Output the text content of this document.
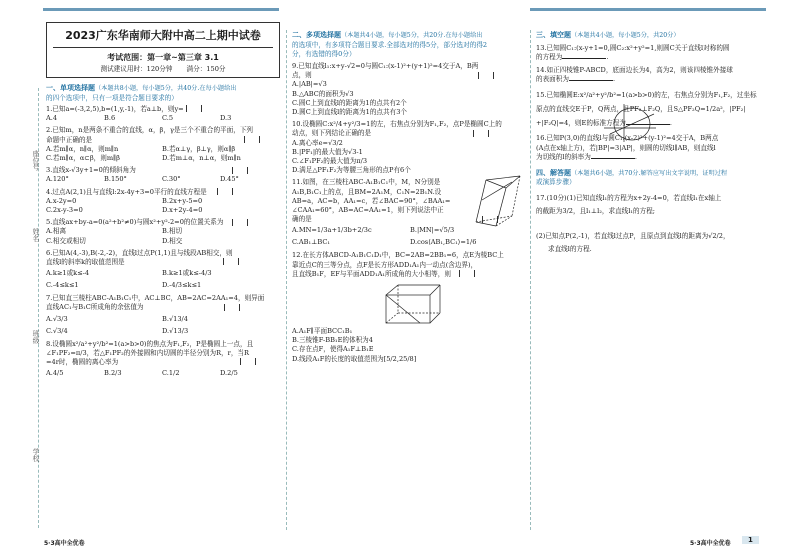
座位号
姓名
班级
学校
2023广东华南师大附中高二上期中试卷
考试范围：第一章~第三章 3.1
测试建议用时：120分钟 满分：150分
一、单项选择题（本题共8小题，每小题5分，共40分.在每小题给出
的四个选项中，只有一项是符合题目要求的）
1.已知a=(-3,2,5),b=(1,y,-1)，若a⊥b，则y=
A.4	B.6	C.5	D.3
2.已知m，n是两条不重合的直线，α，β，γ是三个不重合的平面，下列
命题中正确的是
A.若m∥α，n∥α，则m∥n	B.若α⊥γ，β⊥γ，则α∥β
C.若m∥α，α⊂β，则m∥β	D.若m⊥α，n⊥α，则m∥n
3.直线x-√3y+1=0的倾斜角为
A.120°	B.150°	C.30°	D.45°
4.过点A(2,1)且与直线l:2x-4y+3=0平行的直线方程是
A.x-2y=0	B.2x+y-5=0
C.2x-y-3=0	D.x+2y-4=0
5.直线ax+by-a=0(a²+b²≠0)与圆x²+y²-2=0的位置关系为
A.相离	B.相切
C.相交或相切	D.相交
6.已知A(4,-3),B(-2,-2)，直线l过点P(1,1)且与线段AB相交，则
直线l的斜率k的取值范围是
A.k≥1或k≤-4	B.k≥1或k≤-4/3
C.-4≤k≤1	D.-4/3≤k≤1
7.已知直三棱柱ABC-A₁B₁C₁中，AC⊥BC，AB=2AC=2AA₁=4，则异面
直线AC₁与B₁C所成角的余弦值为
A.√3/3	B.√13/4
C.√3/4	D.√13/3
8.设椭圆x²/a²+y²/b²=1(a>b>0)的焦点为F₁,F₂，P是椭圆上一点，且
∠F₁PF₂=π/3，若△F₁PF₂的外接圆和内切圆的半径分别为R，r，当R
=4r时，椭圆的离心率为
A.4/5	B.2/3	C.1/2	D.2/5
二、多项选择题（本题共4小题，每小题5分，共20分.在每小题给出
的选项中，有多项符合题目要求.全部选对的得5分，部分选对的得2
分，有选错的得0分）
9.已知直线l₁:x+y-√2=0与圆C₁:(x-1)²+(y+1)²=4交于A，B两
点，则
A.|AB|=√3
B.△ABC的面积为√3
C.圆C上到直线l的距离为1的点共有2个
D.圆C上到直线l的距离为1的点共有3个
10.设椭圆C:x²/4+y²/3=1的左，右焦点分别为F₁,F₂，点P是椭圆C上的
动点，则下列结论正确的是
A.离心率e=√3/2
B.|PF₁|的最大值为√3-1
C.∠F₁PF₂的最大值为π/3
D.满足△PF₁F₂为等腰三角形的点P有6个
11.如图，在三棱柱ABC-A₁B₁C₁中，M，N分别是
A₁B,B₁C₁上的点，且BM=2A₁M，C₁N=2B₁N.设
AB=a，AC=b，AA₁=c，若∠BAC=90°，∠BAA₁=
∠CAA₁=60°，AB=AC=AA₁=1，则下列说法中正
确的是
A.MN=1/3a+1/3b+2/3c	B.|MN|=√5/3
C.AB₁⊥BC₁	D.cos⟨AB₁,BC₁⟩=1/6
12.在长方体ABCD-A₁B₁C₁D₁中，BC=2AB=2BB₁=6，点E为棱BC上
靠近点C的三等分点，点F是长方形ADD₁A₁内一动点(含边界)，
且直线B₁F，EF与平面ADD₁A₁所成角的大小相等，则
A.A₁F∥平面BCC₁B₁
B.三棱锥F-BB₁E的体积为4
C.存在点F，使得A₁F⊥B₁E
D.线段A₁F的长度的取值范围为[5/2,25/8]
三、填空题（本题共4小题，每小题5分，共20分）
13.已知圆C₁:(x-y+1=0,圆C₂:x²+y²=1,则圆C关于直线l对称的圆
的方程为	.
14.如正四棱锥P-ABCD，底面边长为4，高为2，则该四棱锥外接球
的表面积为	.
15.已知椭圆E:x²/a²+y²/b²=1(a>b>0)的左，右焦点分别为F₁,F₂，过坐标
原点的直线交E于P，Q两点，且PF₂⊥F₂Q，且S△PF₂Q=1/2a²，|PF₂|
+|F₂Q|=4，则E的标准方程为	.
16.已知P(3,0)的直线l与圆C₁:(x-2)²+(y-1)²=4交于A，B两点
(A点在x轴上方)，若|BP|=3|AP|，则圆的切线l∥AB，则直线l
为切线的l的斜率为	.
四、解答题（本题共6小题，共70分.解答应写出文字说明，证明过程
或演算步骤）
17.(10分)(1)已知直线l₁的方程为x+2y-4=0，若直线l₁在x轴上
的截距为3/2，且l₁⊥l₂，求直线l₁的方程;
(2)已知点P(2,-1)，若直线l过点P，且原点到直线l的距离为√2/2，
求直线l的方程.
5·3高中全优卷	5·3高中全优卷	1
